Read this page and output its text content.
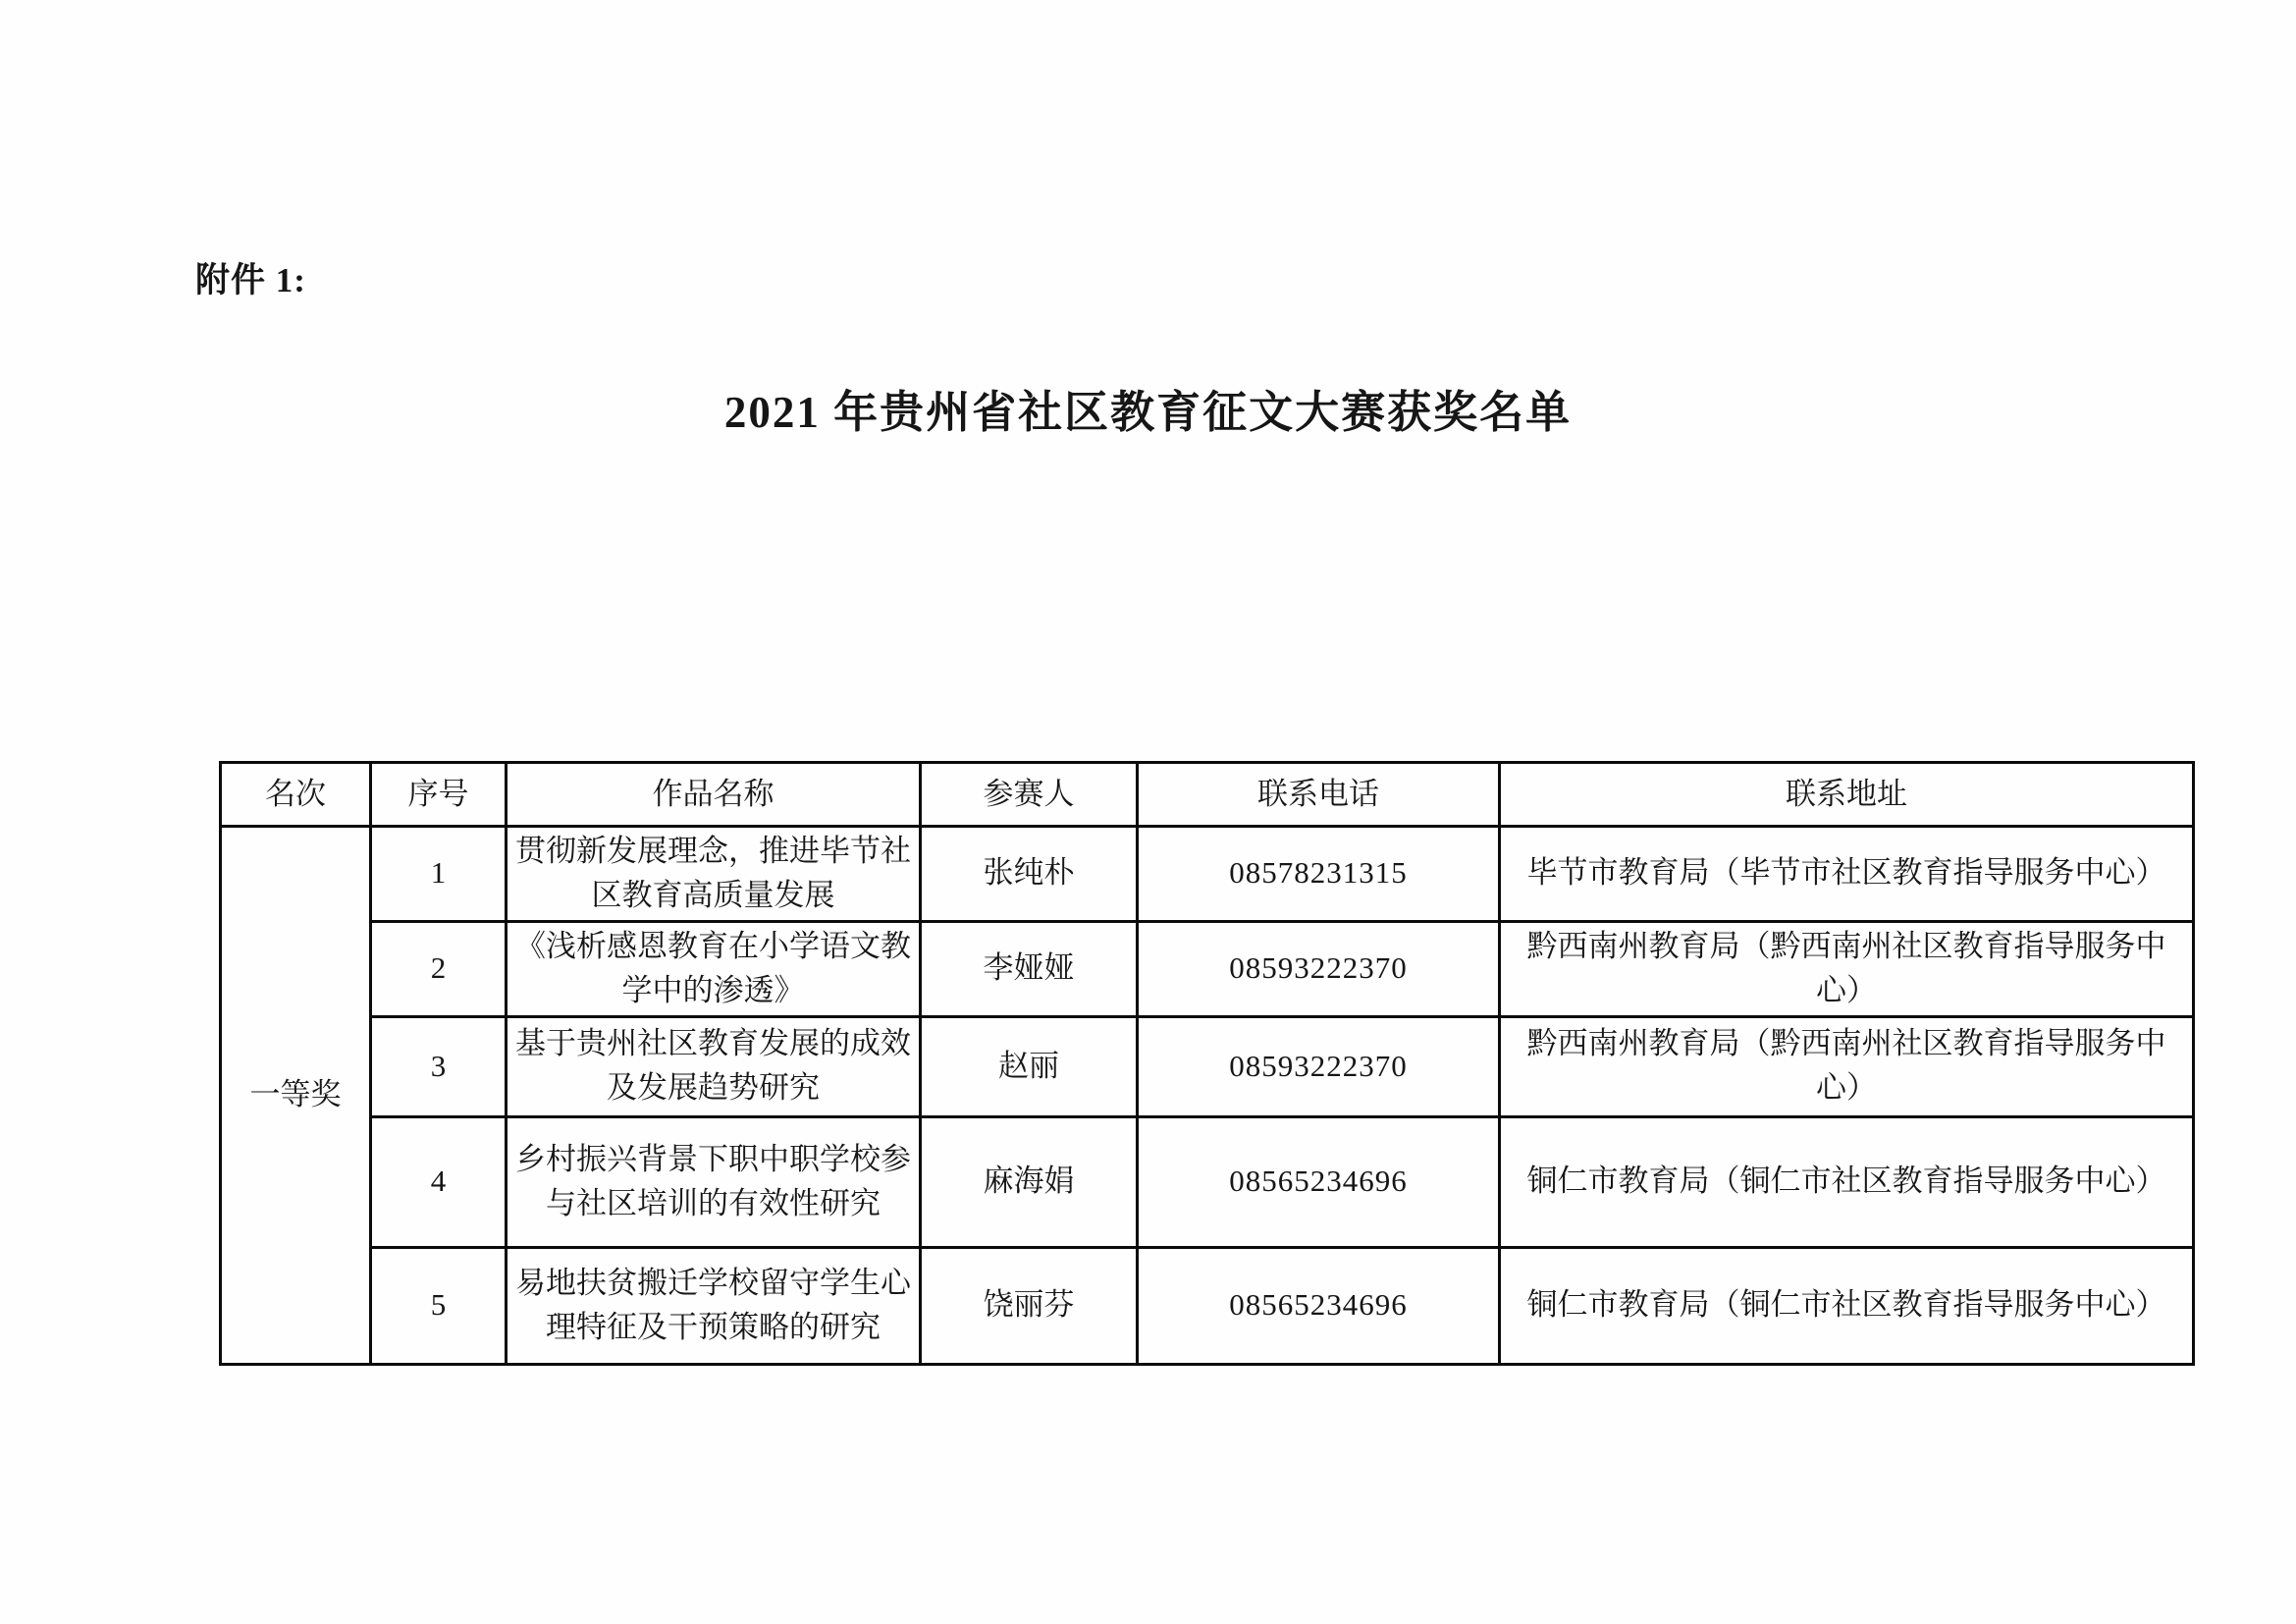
附件 1:
2021 年贵州省社区教育征文大赛获奖名单
名次	序号	作品名称	参赛人	联系电话	联系地址
一等奖	1	贯彻新发展理念，推进毕节社区教育高质量发展	张纯朴	08578231315	毕节市教育局（毕节市社区教育指导服务中心）
	2	《浅析感恩教育在小学语文教学中的渗透》	李娅娅	08593222370	黔西南州教育局（黔西南州社区教育指导服务中心）
	3	基于贵州社区教育发展的成效及发展趋势研究	赵丽	08593222370	黔西南州教育局（黔西南州社区教育指导服务中心）
	4	乡村振兴背景下职中职学校参与社区培训的有效性研究	麻海娟	08565234696	铜仁市教育局（铜仁市社区教育指导服务中心）
	5	易地扶贫搬迁学校留守学生心理特征及干预策略的研究	饶丽芬	08565234696	铜仁市教育局（铜仁市社区教育指导服务中心）
